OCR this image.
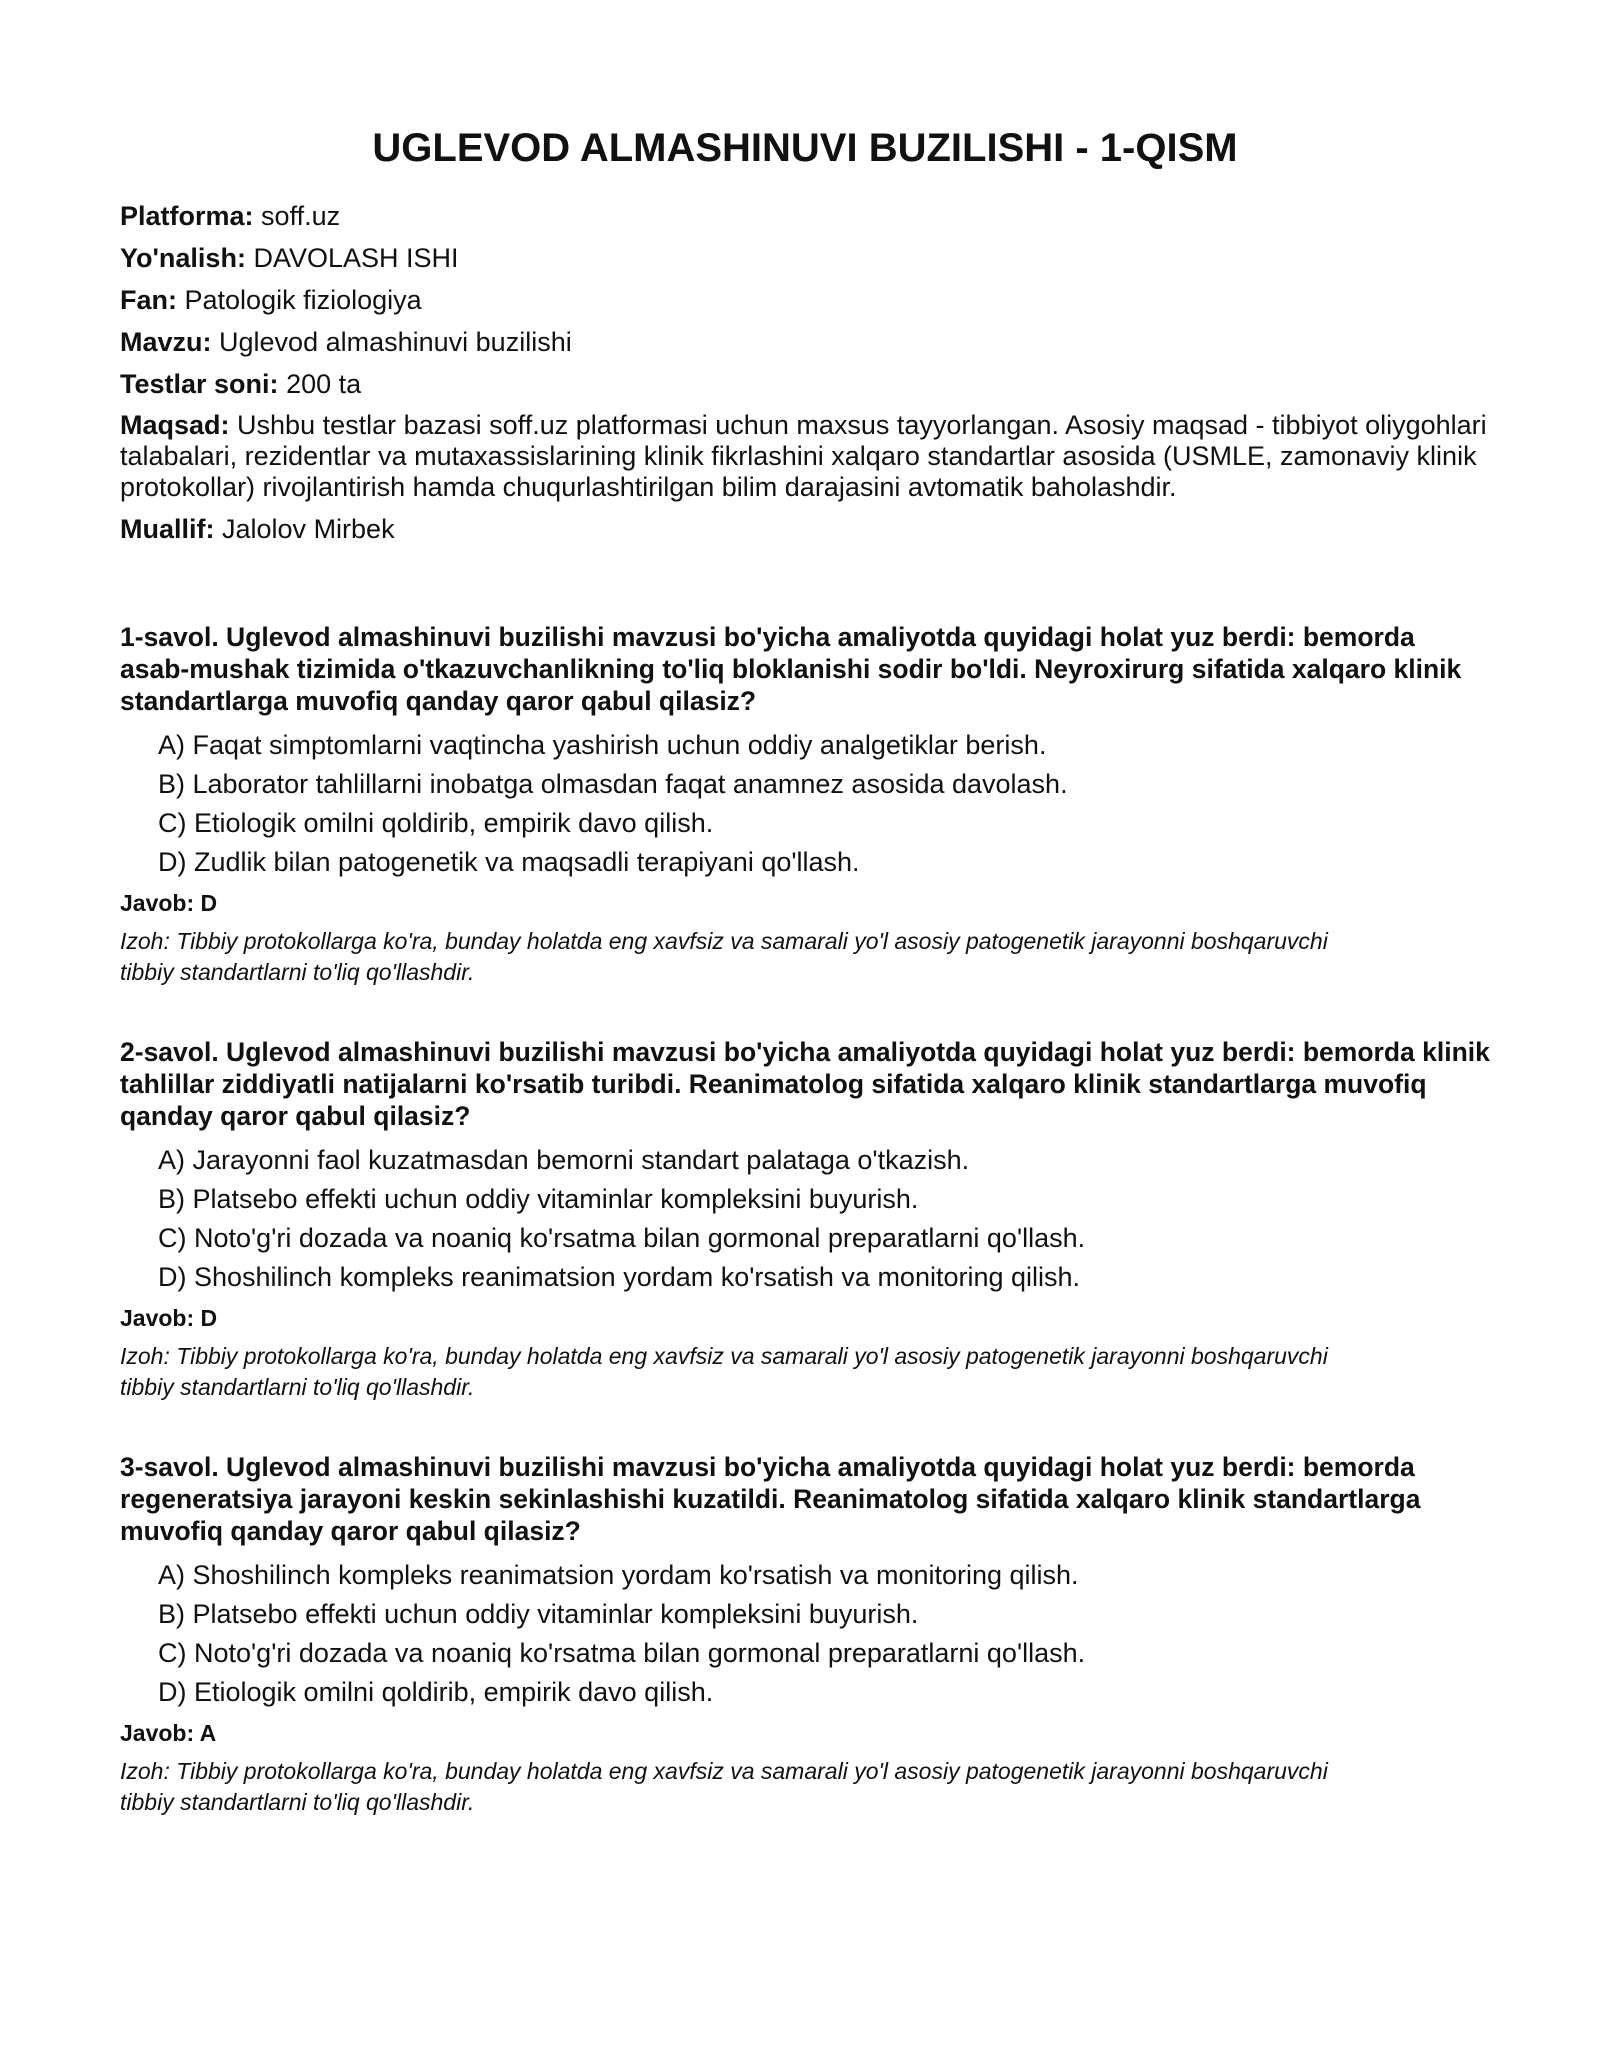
UGLEVOD ALMASHINUVI BUZILISHI - 1-QISM

Platforma: soff.uz

Yo'nalish: DAVOLASH ISHI

Fan: Patologik fiziologiya

Mavzu: Uglevod almashinuvi buzilishi

Testlar soni: 200 ta

Maqsad: Ushbu testlar bazasi soff.uz platformasi uchun maxsus tayyorlangan. Asosiy maqsad - tibbiyot oliygohlari talabalari, rezidentlar va mutaxassislarining klinik fikrlashini xalqaro standartlar asosida (USMLE, zamonaviy klinik protokollar) rivojlantirish hamda chuqurlashtirilgan bilim darajasini avtomatik baholashdir.

Muallif: Jalolov Mirbek

1-savol. Uglevod almashinuvi buzilishi mavzusi bo'yicha amaliyotda quyidagi holat yuz berdi: bemorda asab-mushak tizimida o'tkazuvchanlikning to'liq bloklanishi sodir bo'ldi. Neyroxirurg sifatida xalqaro klinik standartlarga muvofiq qanday qaror qabul qilasiz?

A) Faqat simptomlarni vaqtincha yashirish uchun oddiy analgetiklar berish.
B) Laborator tahlillarni inobatga olmasdan faqat anamnez asosida davolash.
C) Etiologik omilni qoldirib, empirik davo qilish.
D) Zudlik bilan patogenetik va maqsadli terapiyani qo'llash.

Javob: D

Izoh: Tibbiy protokollarga ko'ra, bunday holatda eng xavfsiz va samarali yo'l asosiy patogenetik jarayonni boshqaruvchi tibbiy standartlarni to'liq qo'llashdir.

2-savol. Uglevod almashinuvi buzilishi mavzusi bo'yicha amaliyotda quyidagi holat yuz berdi: bemorda klinik tahlillar ziddiyatli natijalarni ko'rsatib turibdi. Reanimatolog sifatida xalqaro klinik standartlarga muvofiq qanday qaror qabul qilasiz?

A) Jarayonni faol kuzatmasdan bemorni standart palataga o'tkazish.
B) Platsebo effekti uchun oddiy vitaminlar kompleksini buyurish.
C) Noto'g'ri dozada va noaniq ko'rsatma bilan gormonal preparatlarni qo'llash.
D) Shoshilinch kompleks reanimatsion yordam ko'rsatish va monitoring qilish.

Javob: D

Izoh: Tibbiy protokollarga ko'ra, bunday holatda eng xavfsiz va samarali yo'l asosiy patogenetik jarayonni boshqaruvchi tibbiy standartlarni to'liq qo'llashdir.

3-savol. Uglevod almashinuvi buzilishi mavzusi bo'yicha amaliyotda quyidagi holat yuz berdi: bemorda regeneratsiya jarayoni keskin sekinlashishi kuzatildi. Reanimatolog sifatida xalqaro klinik standartlarga muvofiq qanday qaror qabul qilasiz?

A) Shoshilinch kompleks reanimatsion yordam ko'rsatish va monitoring qilish.
B) Platsebo effekti uchun oddiy vitaminlar kompleksini buyurish.
C) Noto'g'ri dozada va noaniq ko'rsatma bilan gormonal preparatlarni qo'llash.
D) Etiologik omilni qoldirib, empirik davo qilish.

Javob: A

Izoh: Tibbiy protokollarga ko'ra, bunday holatda eng xavfsiz va samarali yo'l asosiy patogenetik jarayonni boshqaruvchi tibbiy standartlarni to'liq qo'llashdir.
